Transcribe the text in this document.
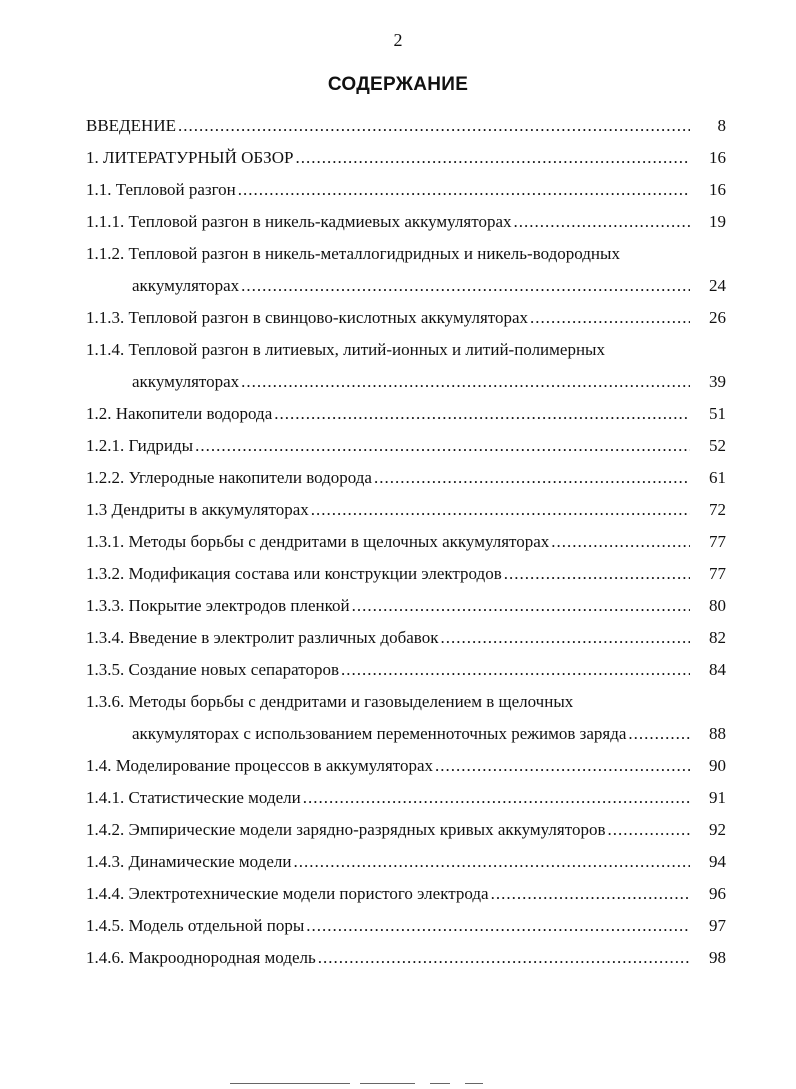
2
СОДЕРЖАНИЕ
ВВЕДЕНИЕ .....	8
1. ЛИТЕРАТУРНЫЙ ОБЗОР .....	16
1.1. Тепловой разгон .....	16
1.1.1. Тепловой разгон в никель-кадмиевых аккумуляторах .....	19
1.1.2. Тепловой разгон в никель-металлогидридных и никель-водородных
аккумуляторах .....	24
1.1.3. Тепловой разгон в свинцово-кислотных аккумуляторах .....	26
1.1.4. Тепловой разгон в литиевых, литий-ионных и литий-полимерных
аккумуляторах .....	39
1.2. Накопители водорода .....	51
1.2.1. Гидриды .....	52
1.2.2. Углеродные накопители водорода .....	61
1.3 Дендриты в аккумуляторах .....	72
1.3.1. Методы борьбы с дендритами в щелочных аккумуляторах .....	77
1.3.2. Модификация состава или конструкции электродов .....	77
1.3.3. Покрытие электродов пленкой .....	80
1.3.4. Введение в электролит различных добавок .....	82
1.3.5. Создание новых сепараторов .....	84
1.3.6. Методы борьбы с дендритами и газовыделением в щелочных
аккумуляторах с использованием переменноточных режимов заряда .....	88
1.4. Моделирование процессов в аккумуляторах .....	90
1.4.1. Статистические модели .....	91
1.4.2. Эмпирические модели зарядно-разрядных кривых аккумуляторов .....	92
1.4.3. Динамические модели .....	94
1.4.4. Электротехнические модели пористого электрода .....	96
1.4.5. Модель отдельной поры .....	97
1.4.6. Макрооднородная модель .....	98
